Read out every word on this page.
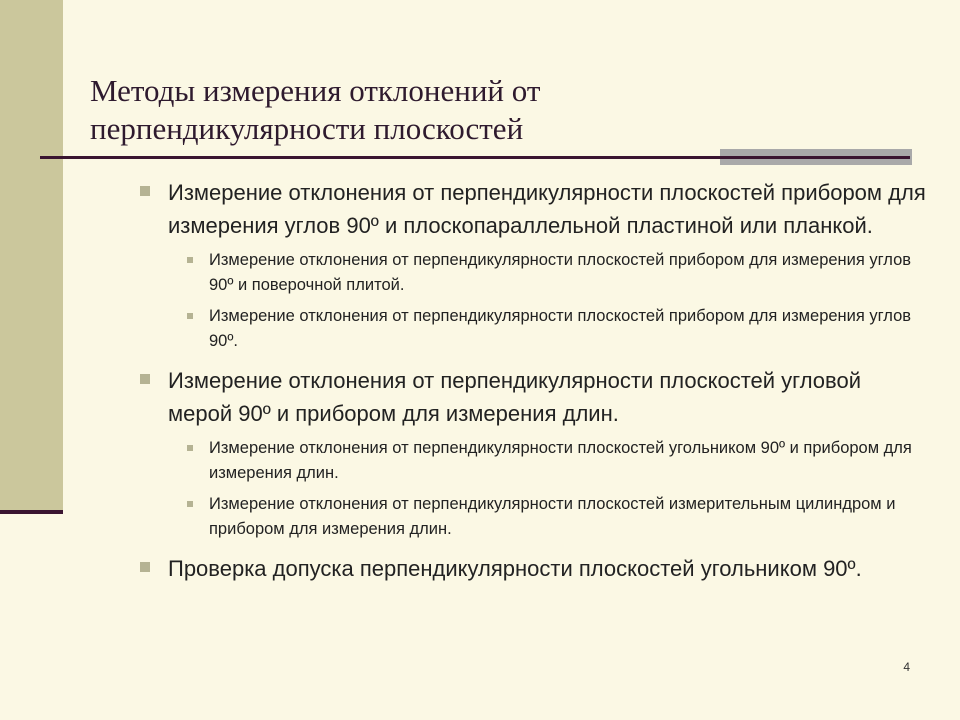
Методы измерения отклонений от
перпендикулярности плоскостей
Измерение отклонения от перпендикулярности плоскостей прибором для измерения углов 90º и плоскопараллельной пластиной или планкой.
Измерение отклонения от перпендикулярности плоскостей прибором для измерения углов 90º и поверочной плитой.
Измерение отклонения от перпендикулярности плоскостей прибором для измерения углов 90º.
Измерение отклонения от перпендикулярности плоскостей угловой мерой 90º и прибором для измерения длин.
Измерение отклонения от перпендикулярности плоскостей угольником 90º и прибором для измерения длин.
Измерение отклонения от перпендикулярности плоскостей измерительным цилиндром и прибором для измерения длин.
Проверка допуска перпендикулярности плоскостей угольником 90º.
4
